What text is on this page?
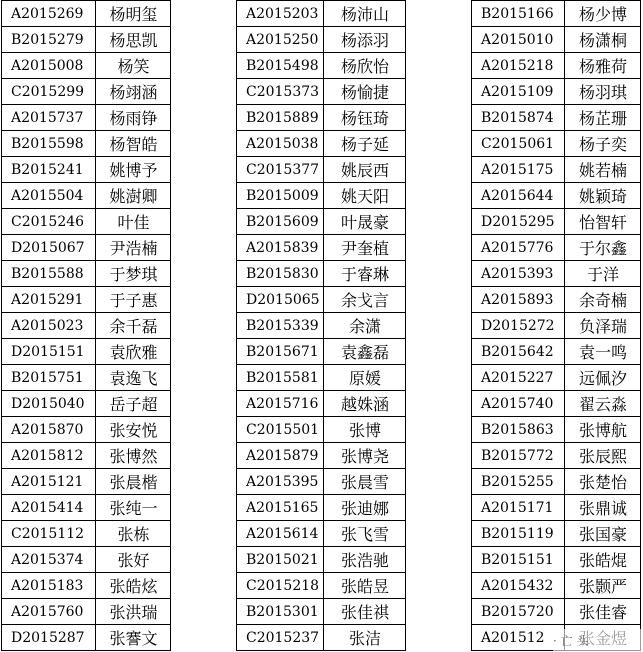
A2015269	杨明玺
B2015279	杨思凯
A2015008	杨笑
C2015299	杨翊涵
A2015737	杨雨铮
B2015598	杨智皓
B2015241	姚博予
A2015504	姚澍卿
C2015246	叶佳
D2015067	尹浩楠
B2015588	于梦琪
A2015291	于子惠
A2015023	余千磊
D2015151	袁欣雅
B2015751	袁逸飞
D2015040	岳子超
A2015870	张安悦
A2015812	张博然
A2015121	张晨楷
A2015414	张纯一
C2015112	张栋
A2015374	张好
A2015183	张皓炫
A2015760	张洪瑞
D2015287	张謇文
A2015203	杨沛山
A2015250	杨添羽
B2015498	杨欣怡
C2015373	杨愉捷
B2015889	杨钰琦
A2015038	杨子延
C2015377	姚辰西
B2015009	姚天阳
B2015609	叶晟豪
A2015839	尹奎植
B2015830	于睿琳
D2015065	余戈言
B2015339	余潇
B2015671	袁鑫磊
B2015581	原媛
A2015716	越姝涵
C2015501	张博
A2015879	张博尧
A2015395	张晨雪
A2015165	张迪娜
A2015614	张飞雪
B2015021	张浩驰
C2015218	张皓昱
B2015301	张佳祺
C2015237	张洁
B2015166	杨少博
A2015010	杨潇桐
A2015218	杨雅荷
A2015109	杨羽琪
B2015874	杨芷珊
C2015061	杨子奕
A2015175	姚若楠
A2015644	姚颖琦
D2015295	怡智轩
A2015776	于尔鑫
A2015393	于洋
A2015893	余奇楠
D2015272	负泽瑞
B2015642	袁一鸣
A2015227	远佩汐
A2015740	翟云淼
B2015863	张博航
B2015772	张辰熙
B2015255	张楚怡
A2015171	张鼎诚
B2015119	张国豪
B2015151	张皓焜
A2015432	张颢严
B2015720	张佳睿
A201512 · 亡 头
